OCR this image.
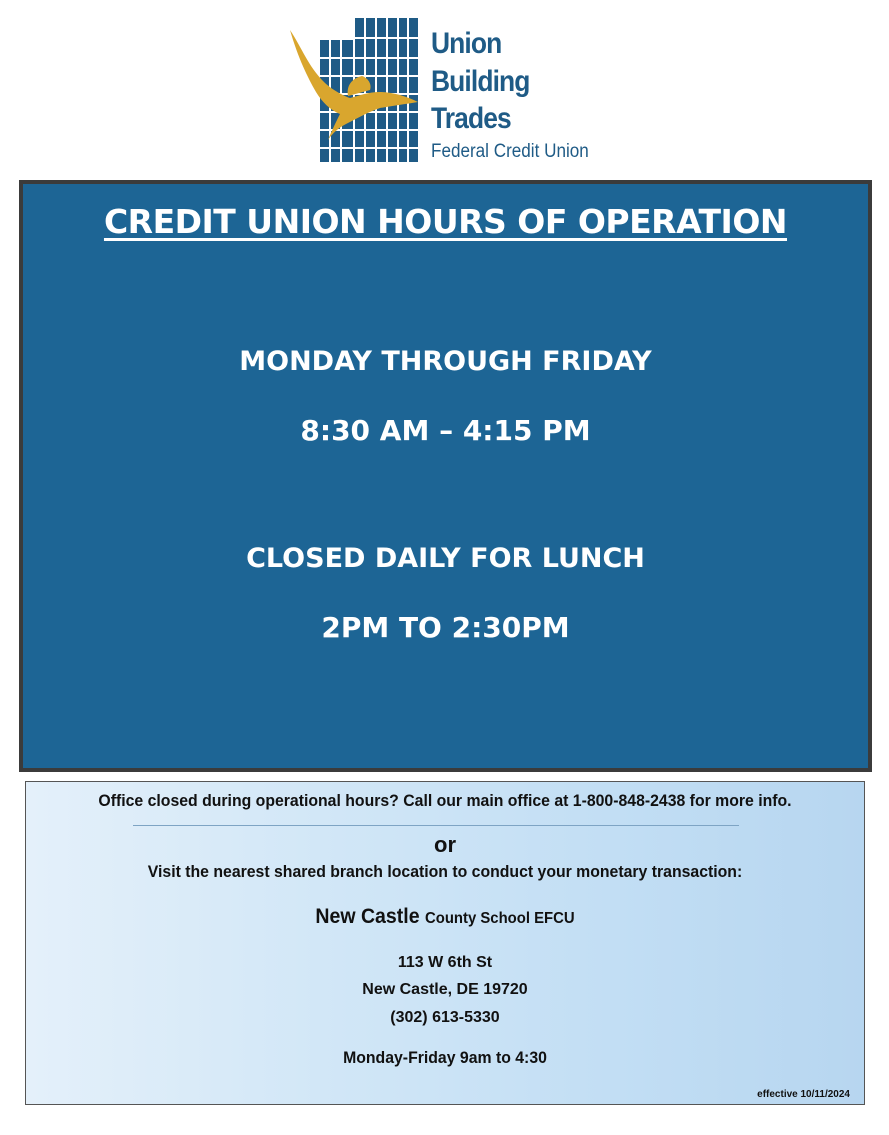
Union
Building
Trades
Federal Credit Union
CREDIT UNION HOURS OF OPERATION
MONDAY THROUGH FRIDAY
8:30 AM – 4:15 PM
CLOSED DAILY FOR LUNCH
2PM TO 2:30PM
Office closed during operational hours? Call our main office at 1-800-848-2438 for more info.
or
Visit the nearest shared branch location to conduct your monetary transaction:
New Castle County School EFCU
113 W 6th St
New Castle, DE 19720
(302) 613-5330
Monday-Friday 9am to 4:30
effective 10/11/2024
